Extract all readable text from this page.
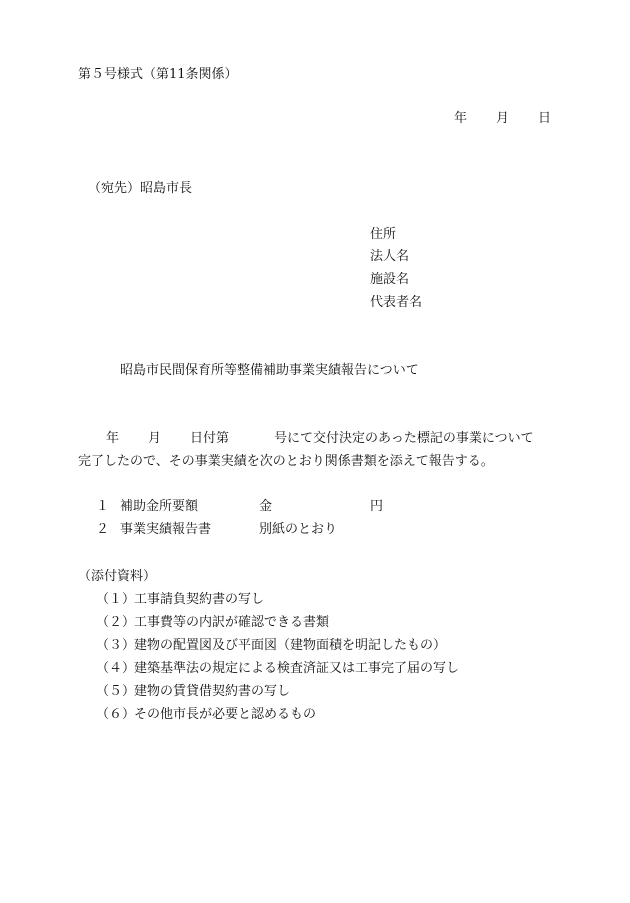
第５号様式（第11条関係）
年 月 日
（宛先）昭島市長
住所
法人名
施設名
代表者名
昭島市民間保育所等整備補助事業実績報告について
年 月 日付第	号にて交付決定のあった標記の事業について
完了したので、その事業実績を次のとおり関係書類を添えて報告する。
１ 補助金所要額	金	円
２ 事業実績報告書	別紙のとおり
（添付資料）
（１）
工事請負契約書の写し
（２）
工事費等の内訳が確認できる書類
（３）
建物の配置図及び平面図（建物面積を明記したもの）
（４）
建築基準法の規定による検査済証又は工事完了届の写し
（５）
建物の賃貸借契約書の写し
（６）
その他市長が必要と認めるもの
